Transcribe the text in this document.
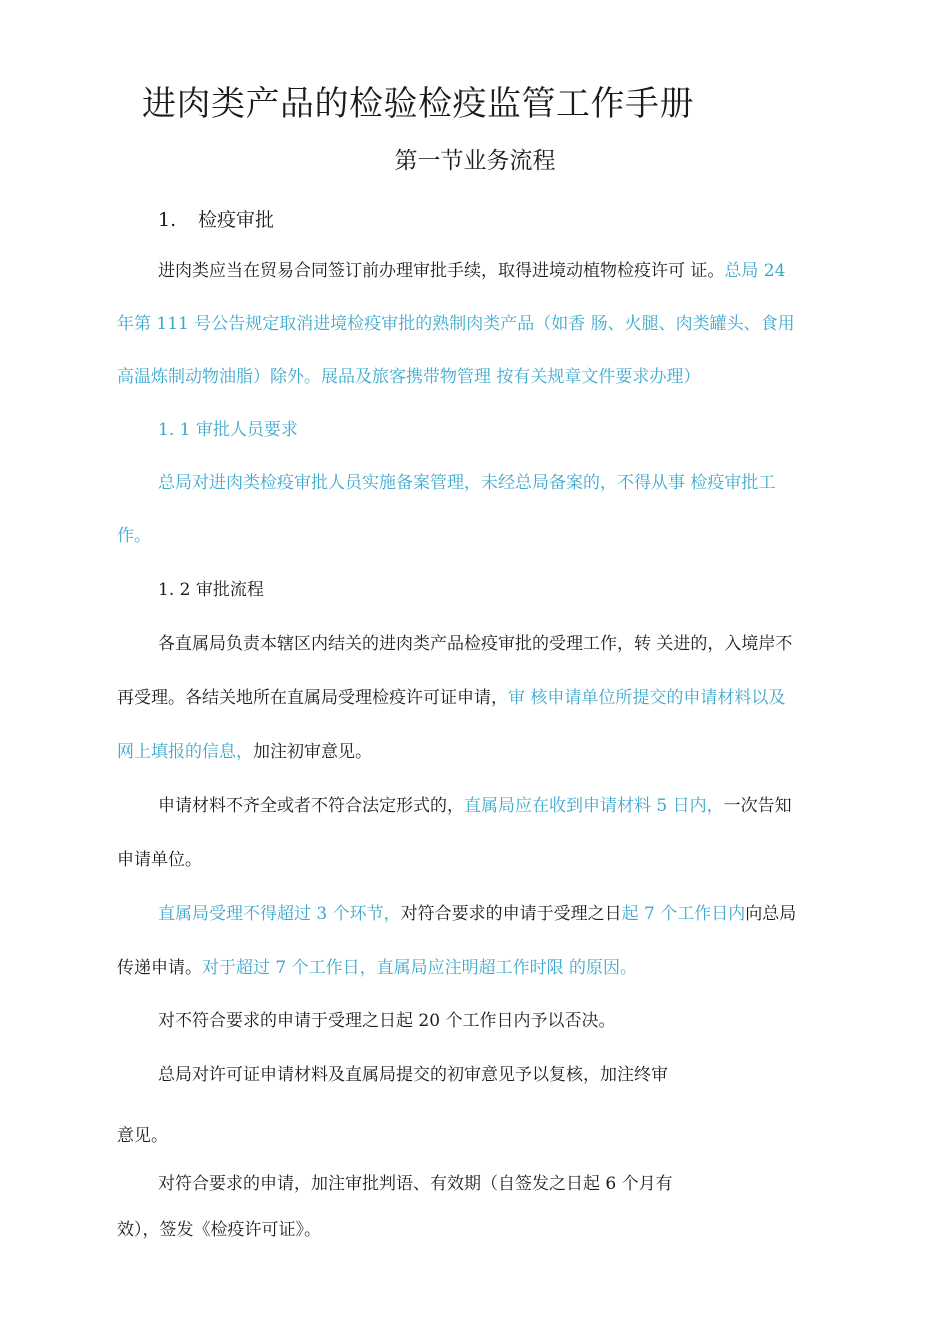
进肉类产品的检验检疫监管工作手册
第一节业务流程
1. 检疫审批
进肉类应当在贸易合同签订前办理审批手续，取得进境动植物检疫许可 证。总局 24
年第 111 号公告规定取消进境检疫审批的熟制肉类产品（如香 肠、火腿、肉类罐头、食用
高温炼制动物油脂）除外。展品及旅客携带物管理 按有关规章文件要求办理）
1. 1 审批人员要求
总局对进肉类检疫审批人员实施备案管理，未经总局备案的，不得从事 检疫审批工
作。
1. 2 审批流程
各直属局负责本辖区内结关的进肉类产品检疫审批的受理工作，转 关进的，入境岸不
再受理。各结关地所在直属局受理检疫许可证申请，审 核申请单位所提交的申请材料以及
网上填报的信息，加注初审意见。
申请材料不齐全或者不符合法定形式的，直属局应在收到申请材料 5 日内，一次告知
申请单位。
直属局受理不得超过 3 个环节，对符合要求的申请于受理之日起 7 个工作日内向总局
传递申请。对于超过 7 个工作日，直属局应注明超工作时限 的原因。
对不符合要求的申请于受理之日起 20 个工作日内予以否决。
总局对许可证申请材料及直属局提交的初审意见予以复核，加注终审
意见。
对符合要求的申请，加注审批判语、有效期（自签发之日起 6 个月有
效），签发《检疫许可证》。
